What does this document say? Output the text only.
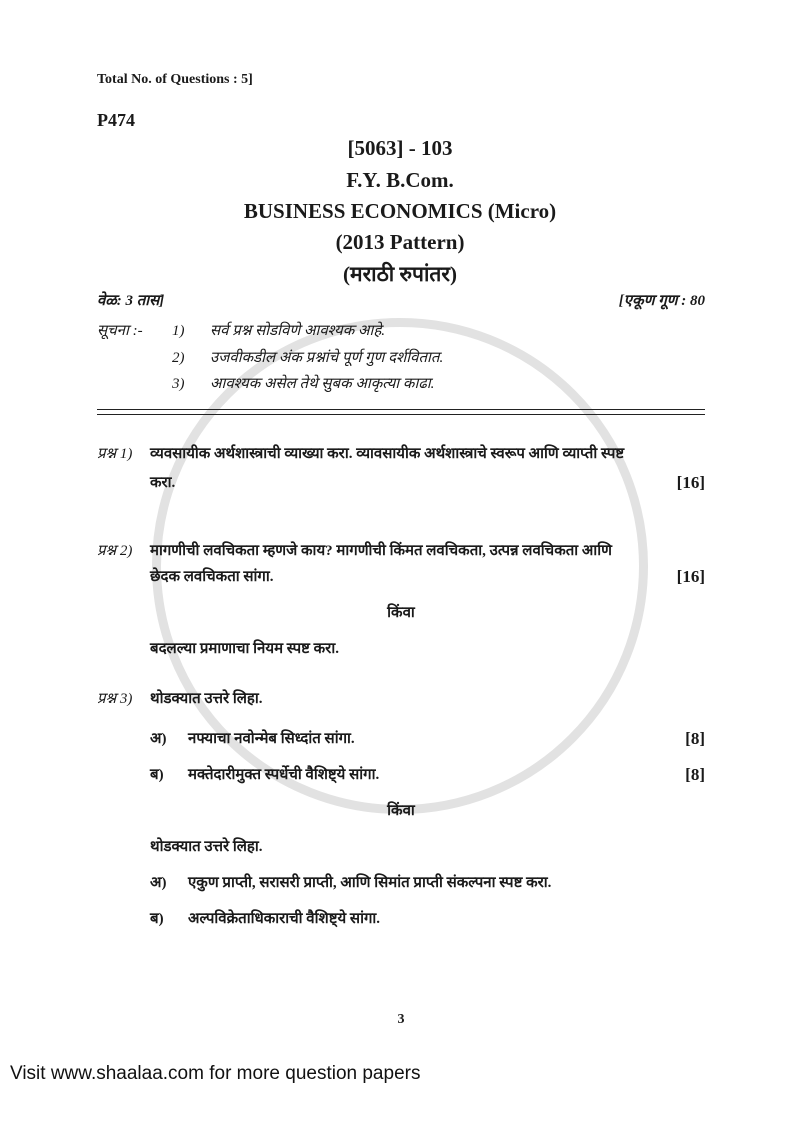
Total No. of Questions : 5]
P474
[5063] - 103
F.Y. B.Com.
BUSINESS ECONOMICS (Micro)
(2013 Pattern)
(मराठी रुपांतर)
वेळ: 3 तास]	[एकूण गूण : 80
सूचना :-	1)	सर्व प्रश्न सोडविणे आवश्यक आहे.
2)	उजवीकडील अंक प्रश्नांचे पूर्ण गुण दर्शवितात.
3)	आवश्यक असेल तेथे सुबक आकृत्या काढा.
प्रश्न 1)	व्यवसायीक अर्थशास्त्राची व्याख्या करा. व्यावसायीक अर्थशास्त्राचे स्वरूप आणि व्याप्ती स्पष्ट
करा.	[16]
प्रश्न 2)	मागणीची लवचिकता म्हणजे काय? मागणीची किंमत लवचिकता, उत्पन्न लवचिकता आणि
छेदक लवचिकता सांगा.	[16]
किंवा
बदलल्या प्रमाणाचा नियम स्पष्ट करा.
प्रश्न 3)	थोडक्यात उत्तरे लिहा.
अ)	नफ्याचा नवोन्मेब सिध्दांत सांगा.	[8]
ब)	मक्तेदारीमुक्त स्पर्धेची वैशिष्ट्ये सांगा.	[8]
किंवा
थोडक्यात उत्तरे लिहा.
अ)	एकुण प्राप्ती, सरासरी प्राप्ती, आणि सिमांत प्राप्ती संकल्पना स्पष्ट करा.
ब)	अल्पविक्रेताधिकाराची वैशिष्ट्ये सांगा.
3
Visit www.shaalaa.com for more question papers
